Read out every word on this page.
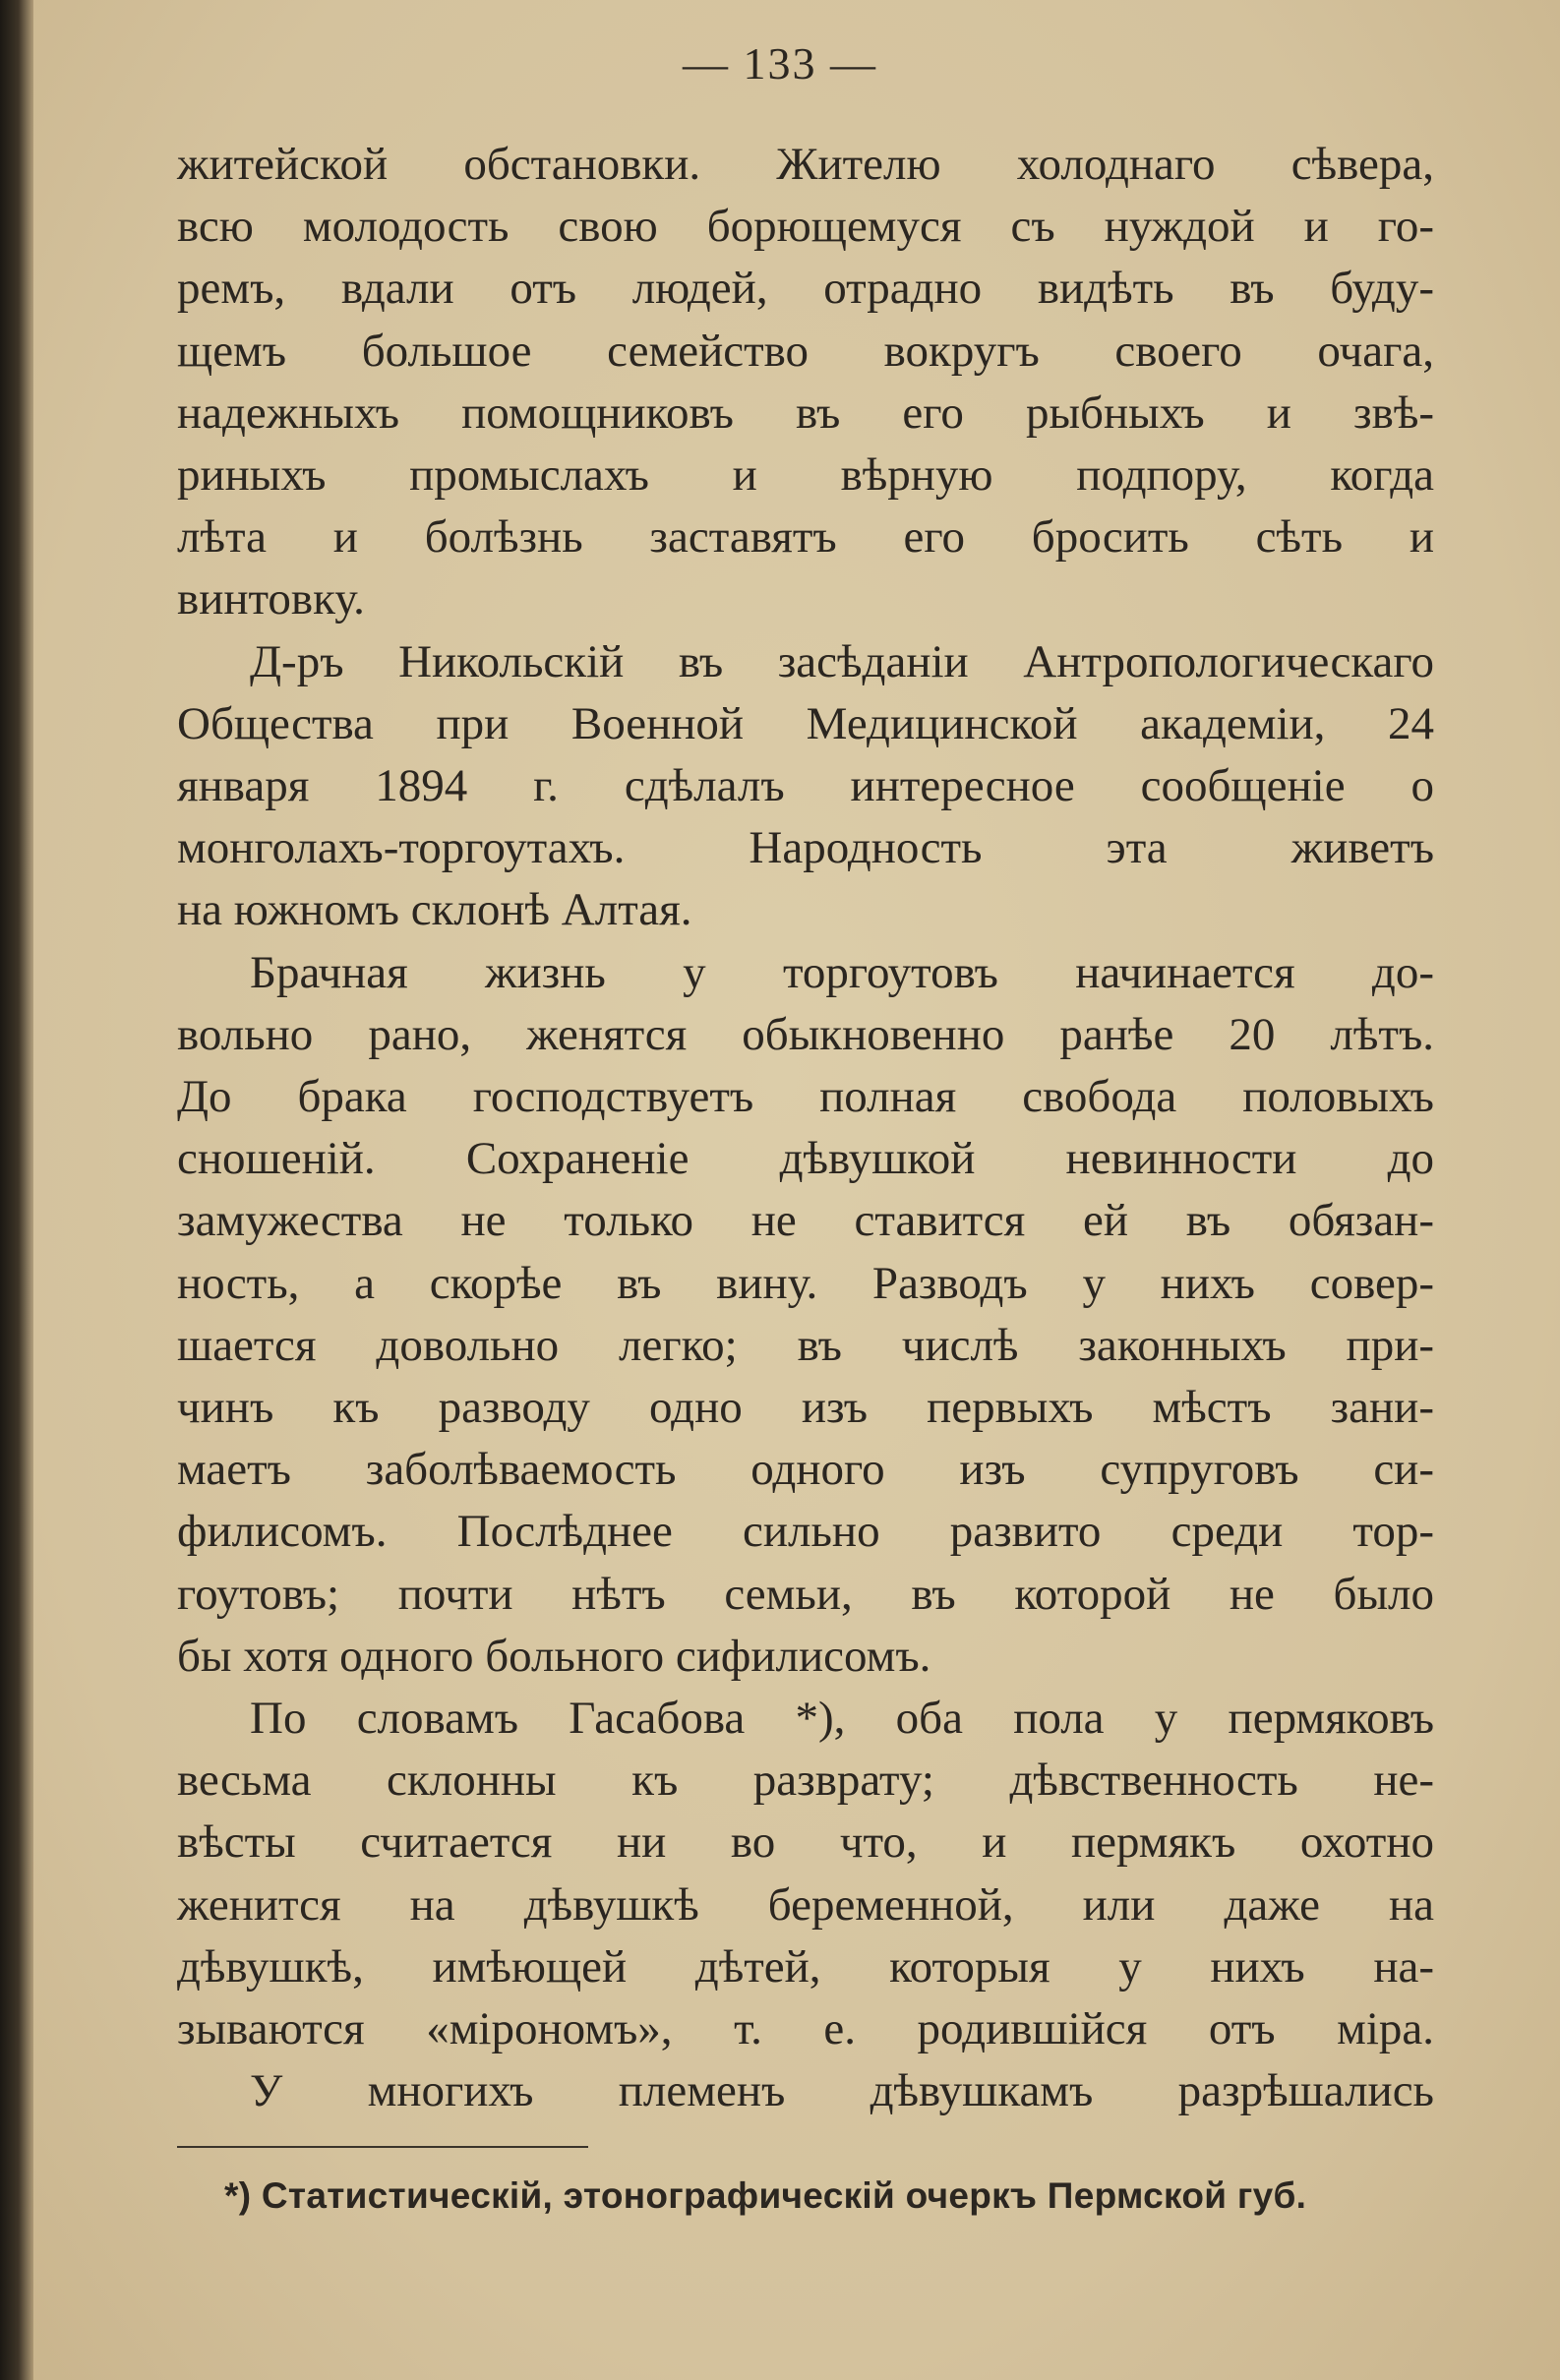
— 133 —
житейской обстановки. Жителю холоднаго сѣвера,
всю молодость свою борющемуся съ нуждой и го-
ремъ, вдали отъ людей, отрадно видѣть въ буду-
щемъ большое семейство вокругъ своего очага,
надежныхъ помощниковъ въ его рыбныхъ и звѣ-
риныхъ промыслахъ и вѣрную подпору, когда
лѣта и болѣзнь заставятъ его бросить сѣть и
винтовку.
Д-ръ Никольскій въ засѣданіи Антропологическаго
Общества при Военной Медицинской академіи, 24
января 1894 г. сдѣлалъ интересное сообщеніе о
монголахъ-торгоутахъ. Народность эта живетъ
на южномъ склонѣ Алтая.
Брачная жизнь у торгоутовъ начинается до-
вольно рано, женятся обыкновенно ранѣе 20 лѣтъ.
До брака господствуетъ полная свобода половыхъ
сношеній. Сохраненіе дѣвушкой невинности до
замужества не только не ставится ей въ обязан-
ность, а скорѣе въ вину. Разводъ у нихъ совер-
шается довольно легко; въ числѣ законныхъ при-
чинъ къ разводу одно изъ первыхъ мѣстъ зани-
маетъ заболѣваемость одного изъ супруговъ си-
филисомъ. Послѣднее сильно развито среди тор-
гоутовъ; почти нѣтъ семьи, въ которой не было
бы хотя одного больного сифилисомъ.
По словамъ Гасабова *), оба пола у пермяковъ
весьма склонны къ разврату; дѣвственность не-
вѣсты считается ни во что, и пермякъ охотно
женится на дѣвушкѣ беременной, или даже на
дѣвушкѣ, имѣющей дѣтей, которыя у нихъ на-
зываются «мірономъ», т. е. родившійся отъ міра.
У многихъ племенъ дѣвушкамъ разрѣшались
*) Статистическій, этонографическій очеркъ Пермской губ.
